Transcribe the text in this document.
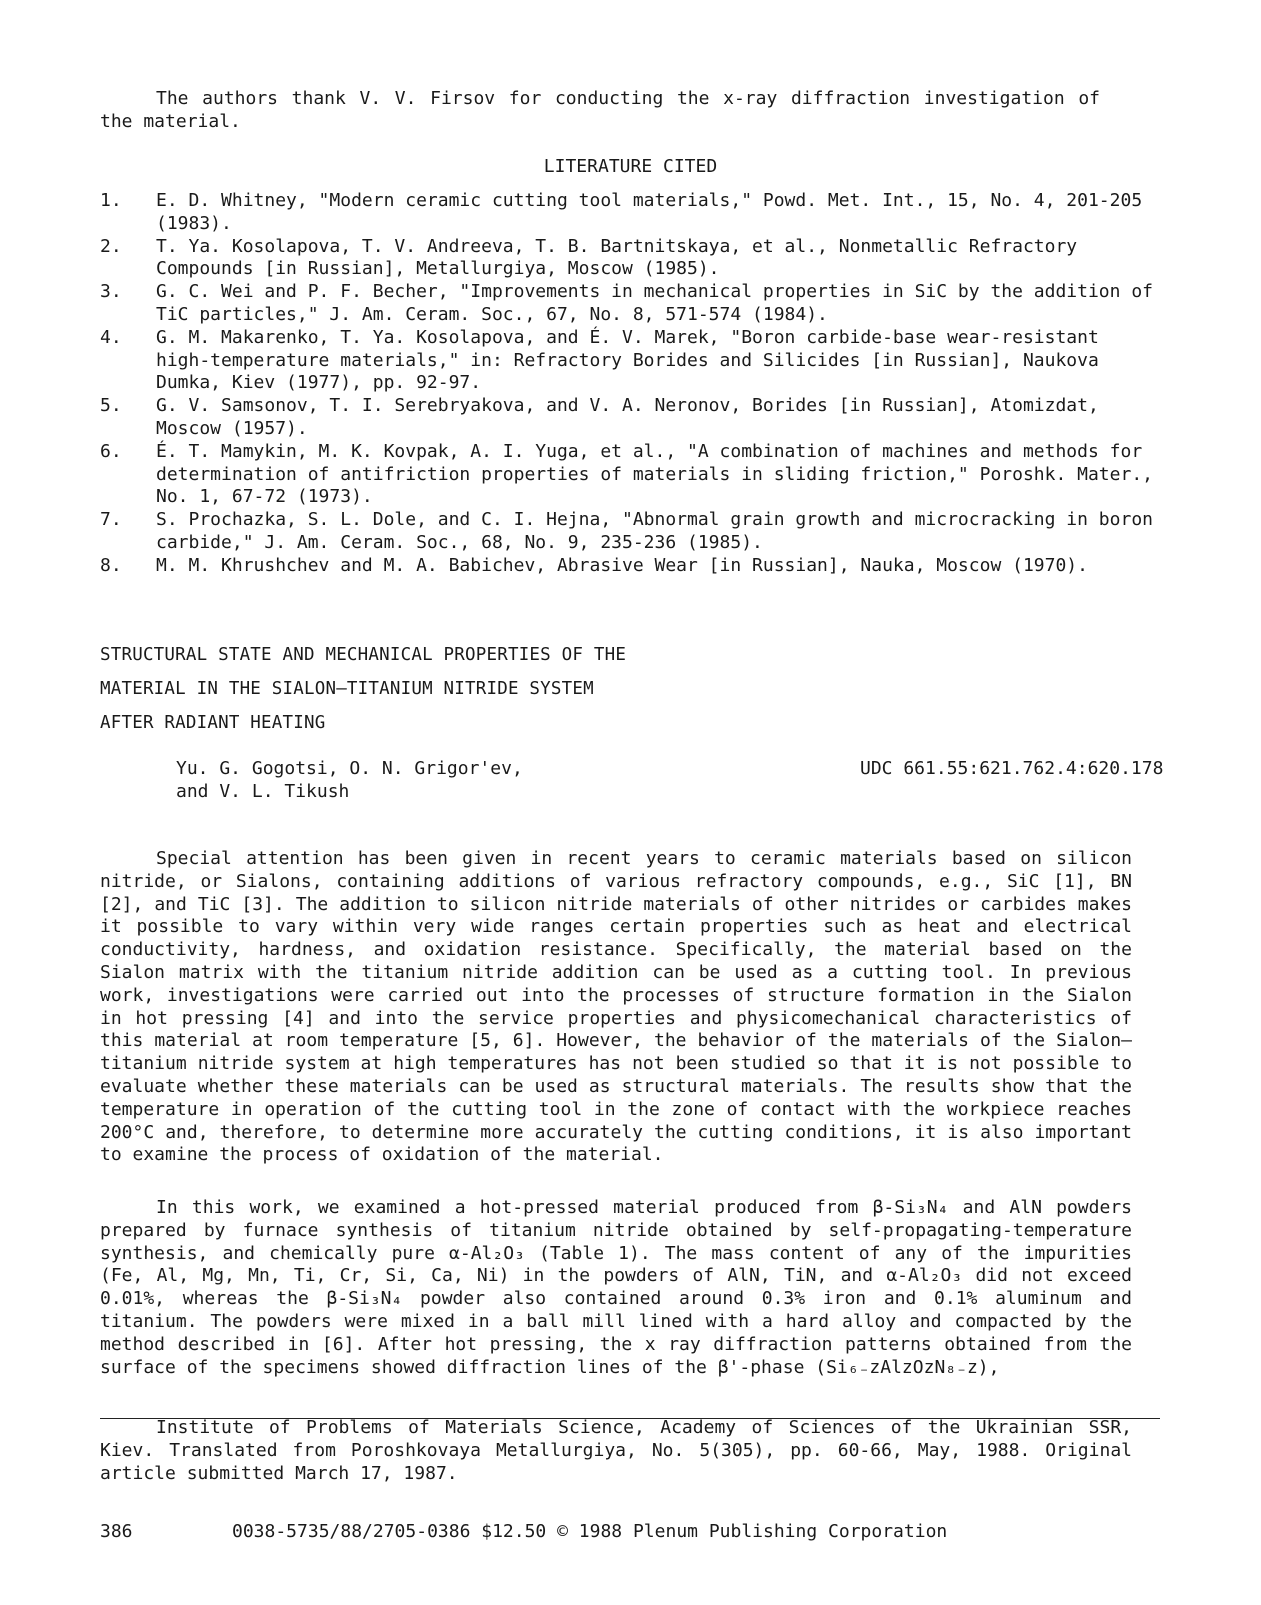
The authors thank V. V. Firsov for conducting the x-ray diffraction investigation of the material.
LITERATURE CITED
1.	E. D. Whitney, "Modern ceramic cutting tool materials," Powd. Met. Int., 15, No. 4, 201-205 (1983).
2.	T. Ya. Kosolapova, T. V. Andreeva, T. B. Bartnitskaya, et al., Nonmetallic Refractory Compounds [in Russian], Metallurgiya, Moscow (1985).
3.	G. C. Wei and P. F. Becher, "Improvements in mechanical properties in SiC by the addition of TiC particles," J. Am. Ceram. Soc., 67, No. 8, 571-574 (1984).
4.	G. M. Makarenko, T. Ya. Kosolapova, and É. V. Marek, "Boron carbide-base wear-resistant high-temperature materials," in: Refractory Borides and Silicides [in Russian], Naukova Dumka, Kiev (1977), pp. 92-97.
5.	G. V. Samsonov, T. I. Serebryakova, and V. A. Neronov, Borides [in Russian], Atomizdat, Moscow (1957).
6.	É. T. Mamykin, M. K. Kovpak, A. I. Yuga, et al., "A combination of machines and methods for determination of antifriction properties of materials in sliding friction," Poroshk. Mater., No. 1, 67-72 (1973).
7.	S. Prochazka, S. L. Dole, and C. I. Hejna, "Abnormal grain growth and microcracking in boron carbide," J. Am. Ceram. Soc., 68, No. 9, 235-236 (1985).
8.	M. M. Khrushchev and M. A. Babichev, Abrasive Wear [in Russian], Nauka, Moscow (1970).
STRUCTURAL STATE AND MECHANICAL PROPERTIES OF THE
MATERIAL IN THE SIALON—TITANIUM NITRIDE SYSTEM
AFTER RADIANT HEATING
Yu. G. Gogotsi, O. N. Grigor'ev,
and V. L. Tikush
UDC 661.55:621.762.4:620.178
Special attention has been given in recent years to ceramic materials based on silicon nitride, or Sialons, containing additions of various refractory compounds, e.g., SiC [1], BN [2], and TiC [3]. The addition to silicon nitride materials of other nitrides or carbides makes it possible to vary within very wide ranges certain properties such as heat and electrical conductivity, hardness, and oxidation resistance. Specifically, the material based on the Sialon matrix with the titanium nitride addition can be used as a cutting tool. In previous work, investigations were carried out into the processes of structure formation in the Sialon in hot pressing [4] and into the service properties and physicomechanical characteristics of this material at room temperature [5, 6]. However, the behavior of the materials of the Sialon—titanium nitride system at high temperatures has not been studied so that it is not possible to evaluate whether these materials can be used as structural materials. The results show that the temperature in operation of the cutting tool in the zone of contact with the workpiece reaches 200°C and, therefore, to determine more accurately the cutting conditions, it is also important to examine the process of oxidation of the material.
In this work, we examined a hot-pressed material produced from β-Si₃N₄ and AlN powders prepared by furnace synthesis of titanium nitride obtained by self-propagating-temperature synthesis, and chemically pure α-Al₂O₃ (Table 1). The mass content of any of the impurities (Fe, Al, Mg, Mn, Ti, Cr, Si, Ca, Ni) in the powders of AlN, TiN, and α-Al₂O₃ did not exceed 0.01%, whereas the β-Si₃N₄ powder also contained around 0.3% iron and 0.1% aluminum and titanium. The powders were mixed in a ball mill lined with a hard alloy and compacted by the method described in [6]. After hot pressing, the x ray diffraction patterns obtained from the surface of the specimens showed diffraction lines of the β'-phase (Si₆₋zAlzOzN₈₋z),
Institute of Problems of Materials Science, Academy of Sciences of the Ukrainian SSR, Kiev. Translated from Poroshkovaya Metallurgiya, No. 5(305), pp. 60-66, May, 1988. Original article submitted March 17, 1987.
386	0038-5735/88/2705-0386 $12.50 © 1988 Plenum Publishing Corporation
